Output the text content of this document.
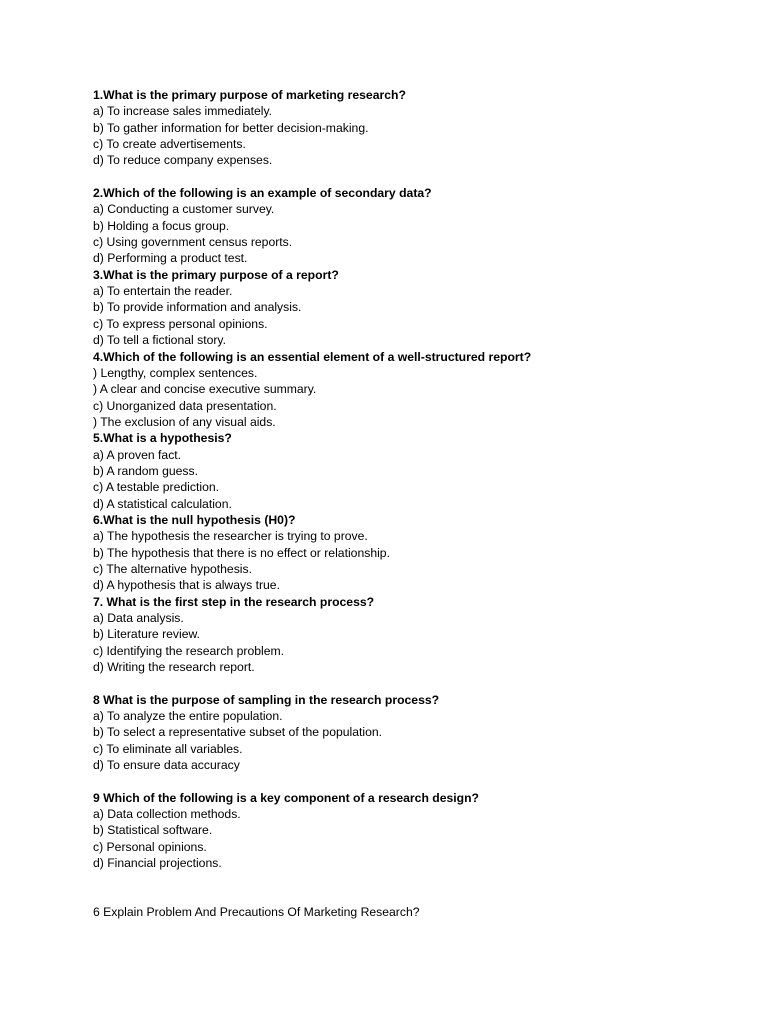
1.What is the primary purpose of marketing research?
a) To increase sales immediately.
b) To gather information for better decision-making.
c) To create advertisements.
d) To reduce company expenses.
2.Which of the following is an example of secondary data?
a) Conducting a customer survey.
b) Holding a focus group.
c) Using government census reports.
d) Performing a product test.
3.What is the primary purpose of a report?
a) To entertain the reader.
b) To provide information and analysis.
c) To express personal opinions.
d) To tell a fictional story.
4.Which of the following is an essential element of a well-structured report?
) Lengthy, complex sentences.
) A clear and concise executive summary.
c) Unorganized data presentation.
) The exclusion of any visual aids.
5.What is a hypothesis?
a) A proven fact.
b) A random guess.
c) A testable prediction.
d) A statistical calculation.
6.What is the null hypothesis (H0)?
a) The hypothesis the researcher is trying to prove.
b) The hypothesis that there is no effect or relationship.
c) The alternative hypothesis.
d) A hypothesis that is always true.
7. What is the first step in the research process?
a) Data analysis.
b) Literature review.
c) Identifying the research problem.
d) Writing the research report.
8 What is the purpose of sampling in the research process?
a) To analyze the entire population.
b) To select a representative subset of the population.
c) To eliminate all variables.
d) To ensure data accuracy
9 Which of the following is a key component of a research design?
a) Data collection methods.
b) Statistical software.
c) Personal opinions.
d) Financial projections.
6 Explain Problem And Precautions Of Marketing Research?
